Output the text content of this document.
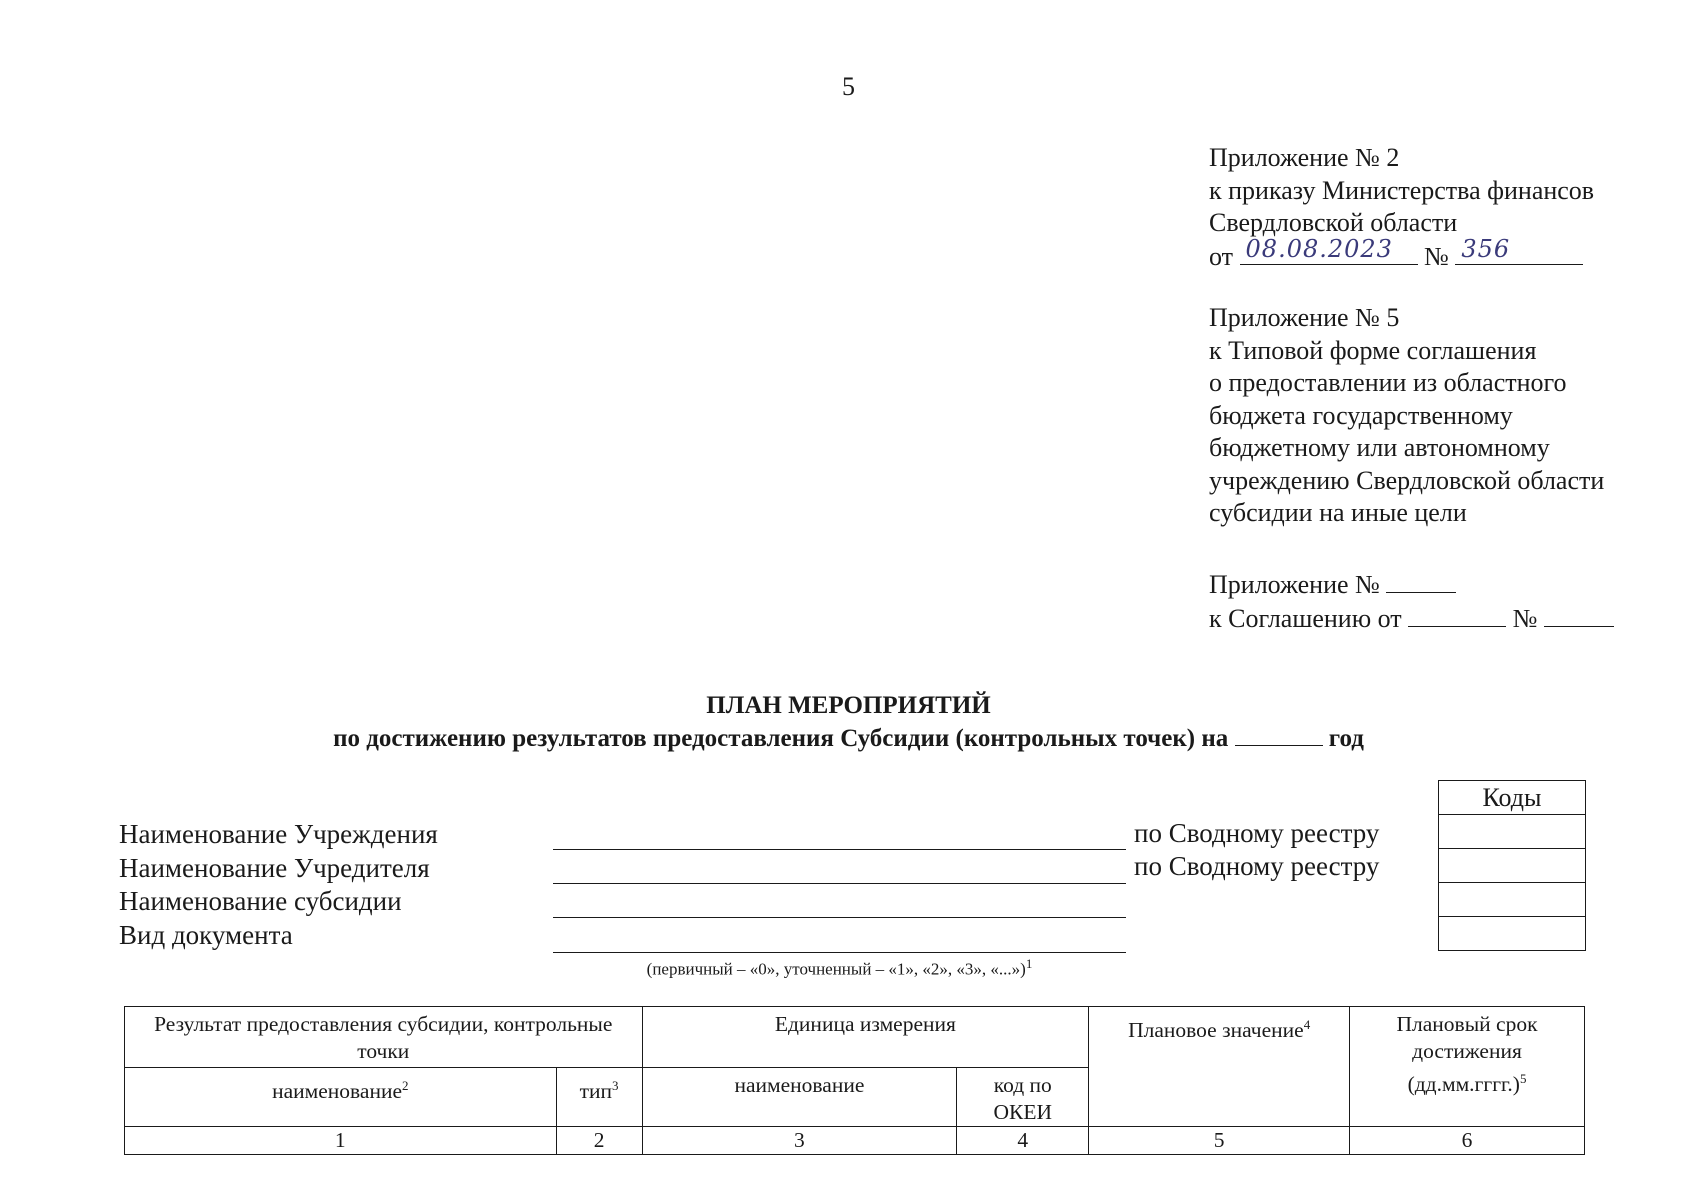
5
Приложение № 2
к приказу Министерства финансов
Свердловской области
от 08.08.2023 № 356
Приложение № 5
к Типовой форме соглашения
о предоставлении из областного
бюджета государственному
бюджетному или автономному
учреждению Свердловской области
субсидии на иные цели
Приложение №
к Соглашению от	№
ПЛАН МЕРОПРИЯТИЙ
по достижению результатов предоставления Субсидии (контрольных точек) на	год
Наименование Учреждения
Наименование Учредителя
Наименование субсидии
Вид документа
(первичный – «0», уточненный – «1», «2», «3», «...»)$^1$
по Сводному реестру
по Сводному реестру
Коды
Результат предоставления субсидии, контрольные точки		Единица измерения		Плановое значение$^4$	Плановый срок достижения (дд.мм.гггг.)$^5$
наименование$^2$	тип$^3$	наименование	код по ОКЕИ		
1	2	3	4	5	6
